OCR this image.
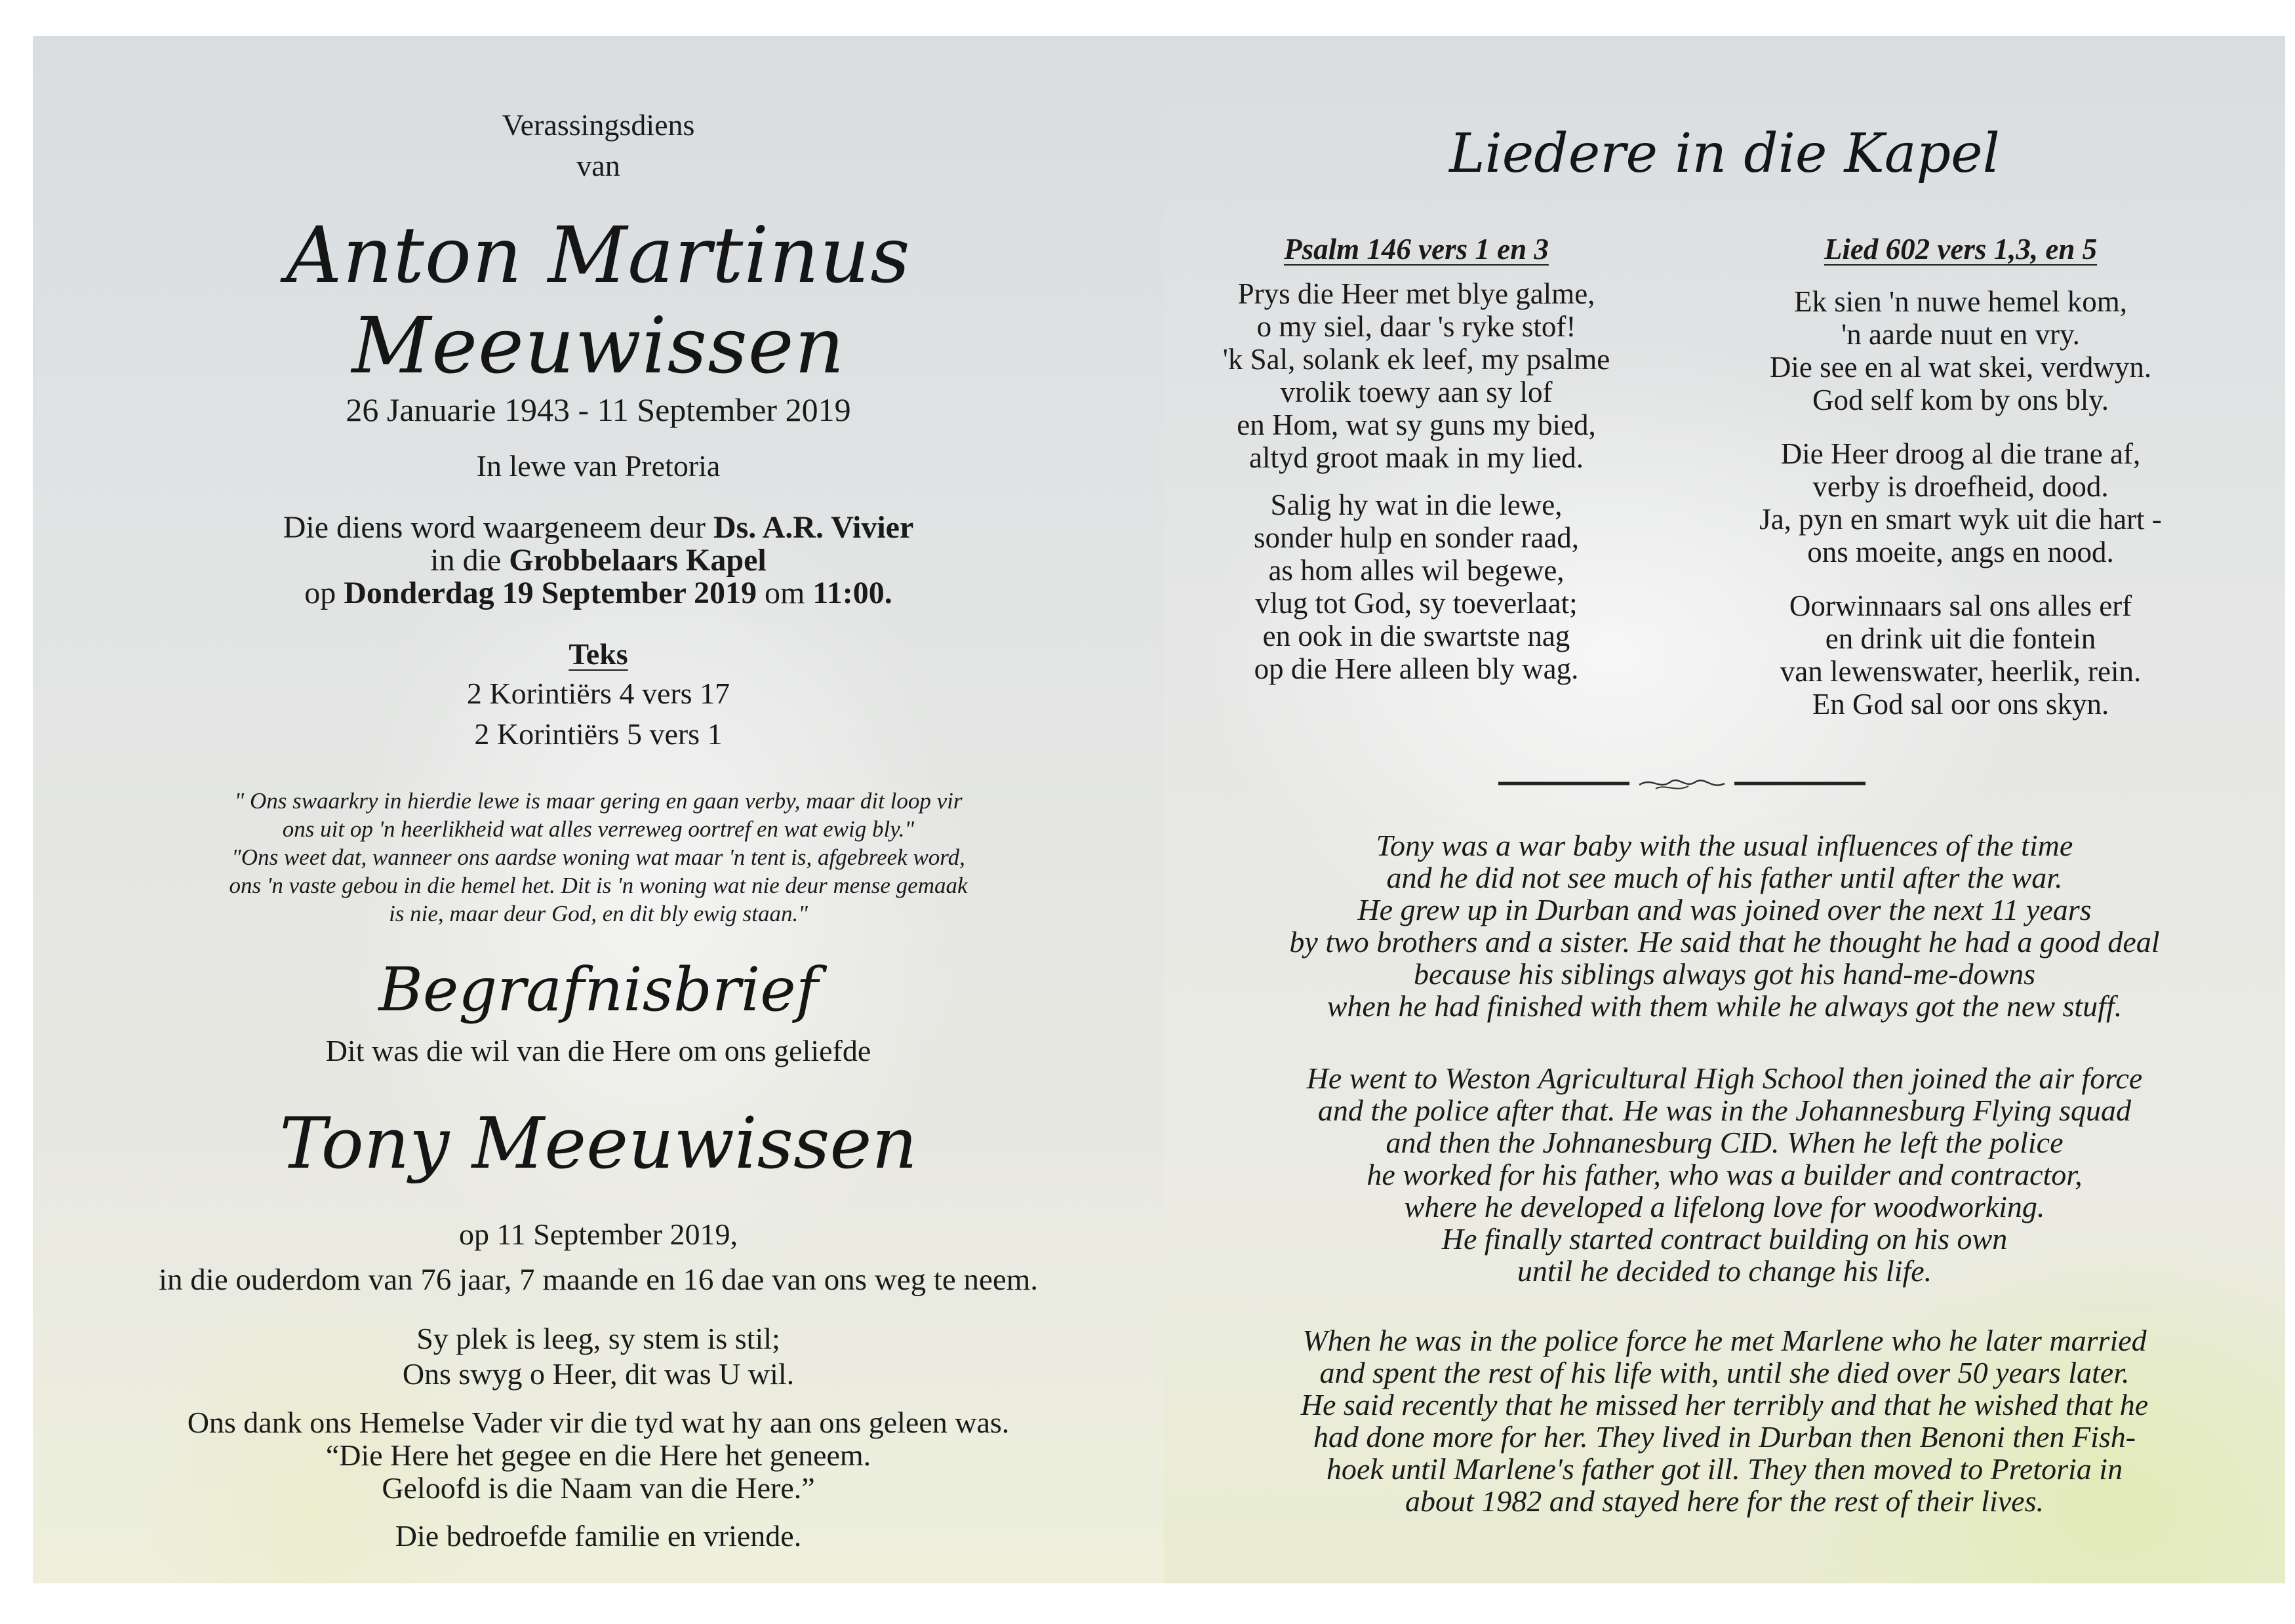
Verassingsdiens
van
Anton Martinus
Meeuwissen
26 Januarie 1943 - 11 September 2019
In lewe van Pretoria
Die diens word waargeneem deur Ds. A.R. Vivier
in die Grobbelaars Kapel
op Donderdag 19 September 2019 om 11:00.
Teks
2 Korintiërs 4 vers 17
2 Korintiërs 5 vers 1
" Ons swaarkry in hierdie lewe is maar gering en gaan verby, maar dit loop vir
ons uit op 'n heerlikheid wat alles verreweg oortref en wat ewig bly."
"Ons weet dat, wanneer ons aardse woning wat maar 'n tent is, afgebreek word,
ons 'n vaste gebou in die hemel het. Dit is 'n woning wat nie deur mense gemaak
is nie, maar deur God, en dit bly ewig staan."
Begrafnisbrief
Dit was die wil van die Here om ons geliefde
Tony Meeuwissen
op 11 September 2019,
in die ouderdom van 76 jaar, 7 maande en 16 dae van ons weg te neem.
Sy plek is leeg, sy stem is stil;
Ons swyg o Heer, dit was U wil.
Ons dank ons Hemelse Vader vir die tyd wat hy aan ons geleen was.
“Die Here het gegee en die Here het geneem.
Geloofd is die Naam van die Here.”
Die bedroefde familie en vriende.
Liedere in die Kapel
Psalm 146 vers 1 en 3
Prys die Heer met blye galme,
o my siel, daar 's ryke stof!
'k Sal, solank ek leef, my psalme
vrolik toewy aan sy lof
en Hom, wat sy guns my bied,
altyd groot maak in my lied.
Salig hy wat in die lewe,
sonder hulp en sonder raad,
as hom alles wil begewe,
vlug tot God, sy toeverlaat;
en ook in die swartste nag
op die Here alleen bly wag.
Lied 602 vers 1,3, en 5
Ek sien 'n nuwe hemel kom,
'n aarde nuut en vry.
Die see en al wat skei, verdwyn.
God self kom by ons bly.
Die Heer droog al die trane af,
verby is droefheid, dood.
Ja, pyn en smart wyk uit die hart -
ons moeite, angs en nood.
Oorwinnaars sal ons alles erf
en drink uit die fontein
van lewenswater, heerlik, rein.
En God sal oor ons skyn.
Tony was a war baby with the usual influences of the time
and he did not see much of his father until after the war.
He grew up in Durban and was joined over the next 11 years
by two brothers and a sister. He said that he thought he had a good deal
because his siblings always got his hand-me-downs
when he had finished with them while he always got the new stuff.
He went to Weston Agricultural High School then joined the air force
and the police after that. He was in the Johannesburg Flying squad
and then the Johnanesburg CID. When he left the police
he worked for his father, who was a builder and contractor,
where he developed a lifelong love for woodworking.
He finally started contract building on his own
until he decided to change his life.
When he was in the police force he met Marlene who he later married
and spent the rest of his life with, until she died over 50 years later.
He said recently that he missed her terribly and that he wished that he
had done more for her. They lived in Durban then Benoni then Fish-
hoek until Marlene's father got ill. They then moved to Pretoria in
about 1982 and stayed here for the rest of their lives.
